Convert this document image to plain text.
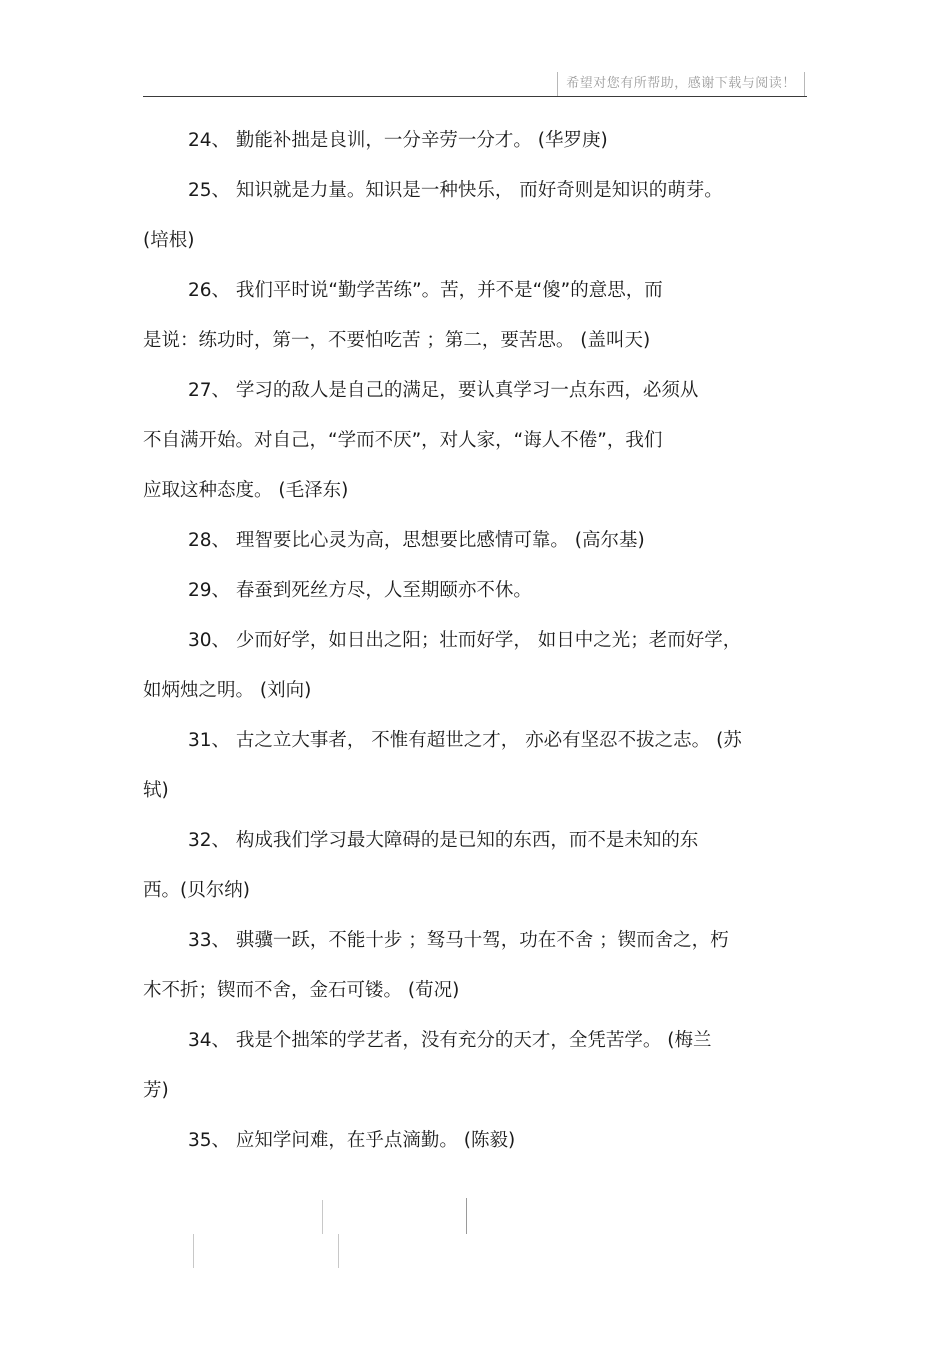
希望对您有所帮助，感谢下载与阅读！
24、 勤能补拙是良训，一分辛劳一分才。 (华罗庚)
25、 知识就是力量。知识是一种快乐， 而好奇则是知识的萌芽。
(培根)
26、 我们平时说“勤学苦练”。苦，并不是“傻”的意思，而
是说：练功时，第一，不要怕吃苦 ；第二，要苦思。 (盖叫天)
27、 学习的敌人是自己的满足，要认真学习一点东西，必须从
不自满开始。对自己，“学而不厌”，对人家，“诲人不倦”，我们
应取这种态度。 (毛泽东)
28、 理智要比心灵为高，思想要比感情可靠。 (高尔基)
29、 春蚕到死丝方尽，人至期颐亦不休。
30、 少而好学，如日出之阳；壮而好学， 如日中之光；老而好学，
如炳烛之明。 (刘向)
31、 古之立大事者， 不惟有超世之才， 亦必有坚忍不拔之志。 (苏
轼)
32、 构成我们学习最大障碍的是已知的东西，而不是未知的东
西。(贝尔纳)
33、 骐骥一跃，不能十步 ；驽马十驾，功在不舍 ；锲而舍之，朽
木不折；锲而不舍，金石可镂。 (荀况)
34、 我是个拙笨的学艺者，没有充分的天才，全凭苦学。 (梅兰
芳)
35、 应知学问难，在乎点滴勤。 (陈毅)
